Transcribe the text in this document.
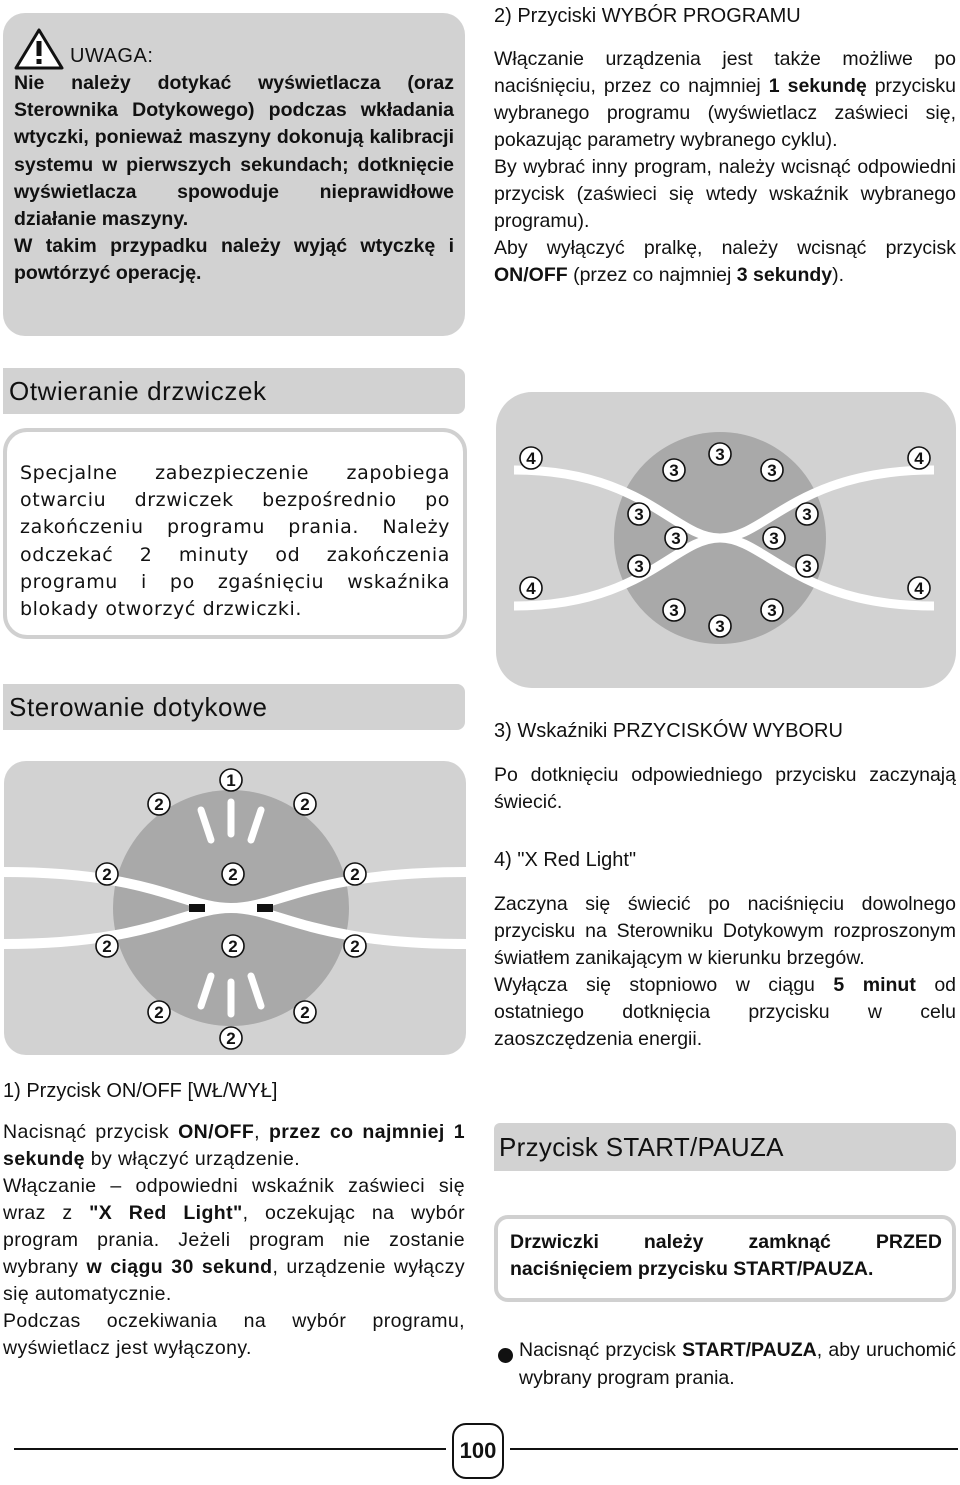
UWAGA:
Nie należy dotykać wyświetlacza (oraz Sterownika Dotykowego) podczas wkładania wtyczki, ponieważ maszyny dokonują kalibracji systemu w pierwszych sekundach; dotknięcie wyświetlacza spowoduje nieprawidłowe działanie maszyny.
W takim przypadku należy wyjąć wtyczkę i powtórzyć operację.
2) Przyciski WYBÓR PROGRAMU
Włączanie urządzenia jest także możliwe po naciśnięciu, przez co najmniej 1 sekundę przycisku wybranego programu (wyświetlacz zaświeci się, pokazując parametry wybranego cyklu).
By wybrać inny program, należy wcisnąć odpowiedni przycisk (zaświeci się wtedy wskaźnik wybranego programu).
Aby wyłączyć pralkę, należy wcisnąć przycisk ON/OFF (przez co najmniej 3 sekundy).
Otwieranie drzwiczek
Specjalne zabezpieczenie zapobiega otwarciu drzwiczek bezpośrednio po zakończeniu programu prania. Należy odczekać 2 minuty od zakończenia programu i po zgaśnięciu wskaźnika blokady otworzyć drzwiczki.
4	4
4	4
3
3	3
3	3
3	3
3	3
3	3
3
Sterowanie dotykowe
1
2	2
2	2	2
2	2	2
2	2
2
1) Przycisk ON/OFF [WŁ/WYŁ]
Nacisnąć przycisk ON/OFF, przez co najmniej 1 sekundę by włączyć urządzenie.
Włączanie – odpowiedni wskaźnik zaświeci się wraz z "X Red Light", oczekując na wybór program prania. Jeżeli program nie zostanie wybrany w ciągu 30 sekund, urządzenie wyłączy się automatycznie.
Podczas oczekiwania na wybór programu, wyświetlacz jest wyłączony.
3) Wskaźniki PRZYCISKÓW WYBORU
Po dotknięciu odpowiedniego przycisku zaczynają świecić.
4) "X Red Light"
Zaczyna się świecić po naciśnięciu dowolnego przycisku na Sterowniku Dotykowym rozproszonym światłem zanikającym w kierunku brzegów.
Wyłącza się stopniowo w ciągu 5 minut od ostatniego dotknięcia przycisku w celu zaoszczędzenia energii.
Przycisk START/PAUZA
Drzwiczki należy zamknąć PRZED naciśnięciem przycisku START/PAUZA.
Nacisnąć przycisk START/PAUZA, aby uruchomić wybrany program prania.
100
